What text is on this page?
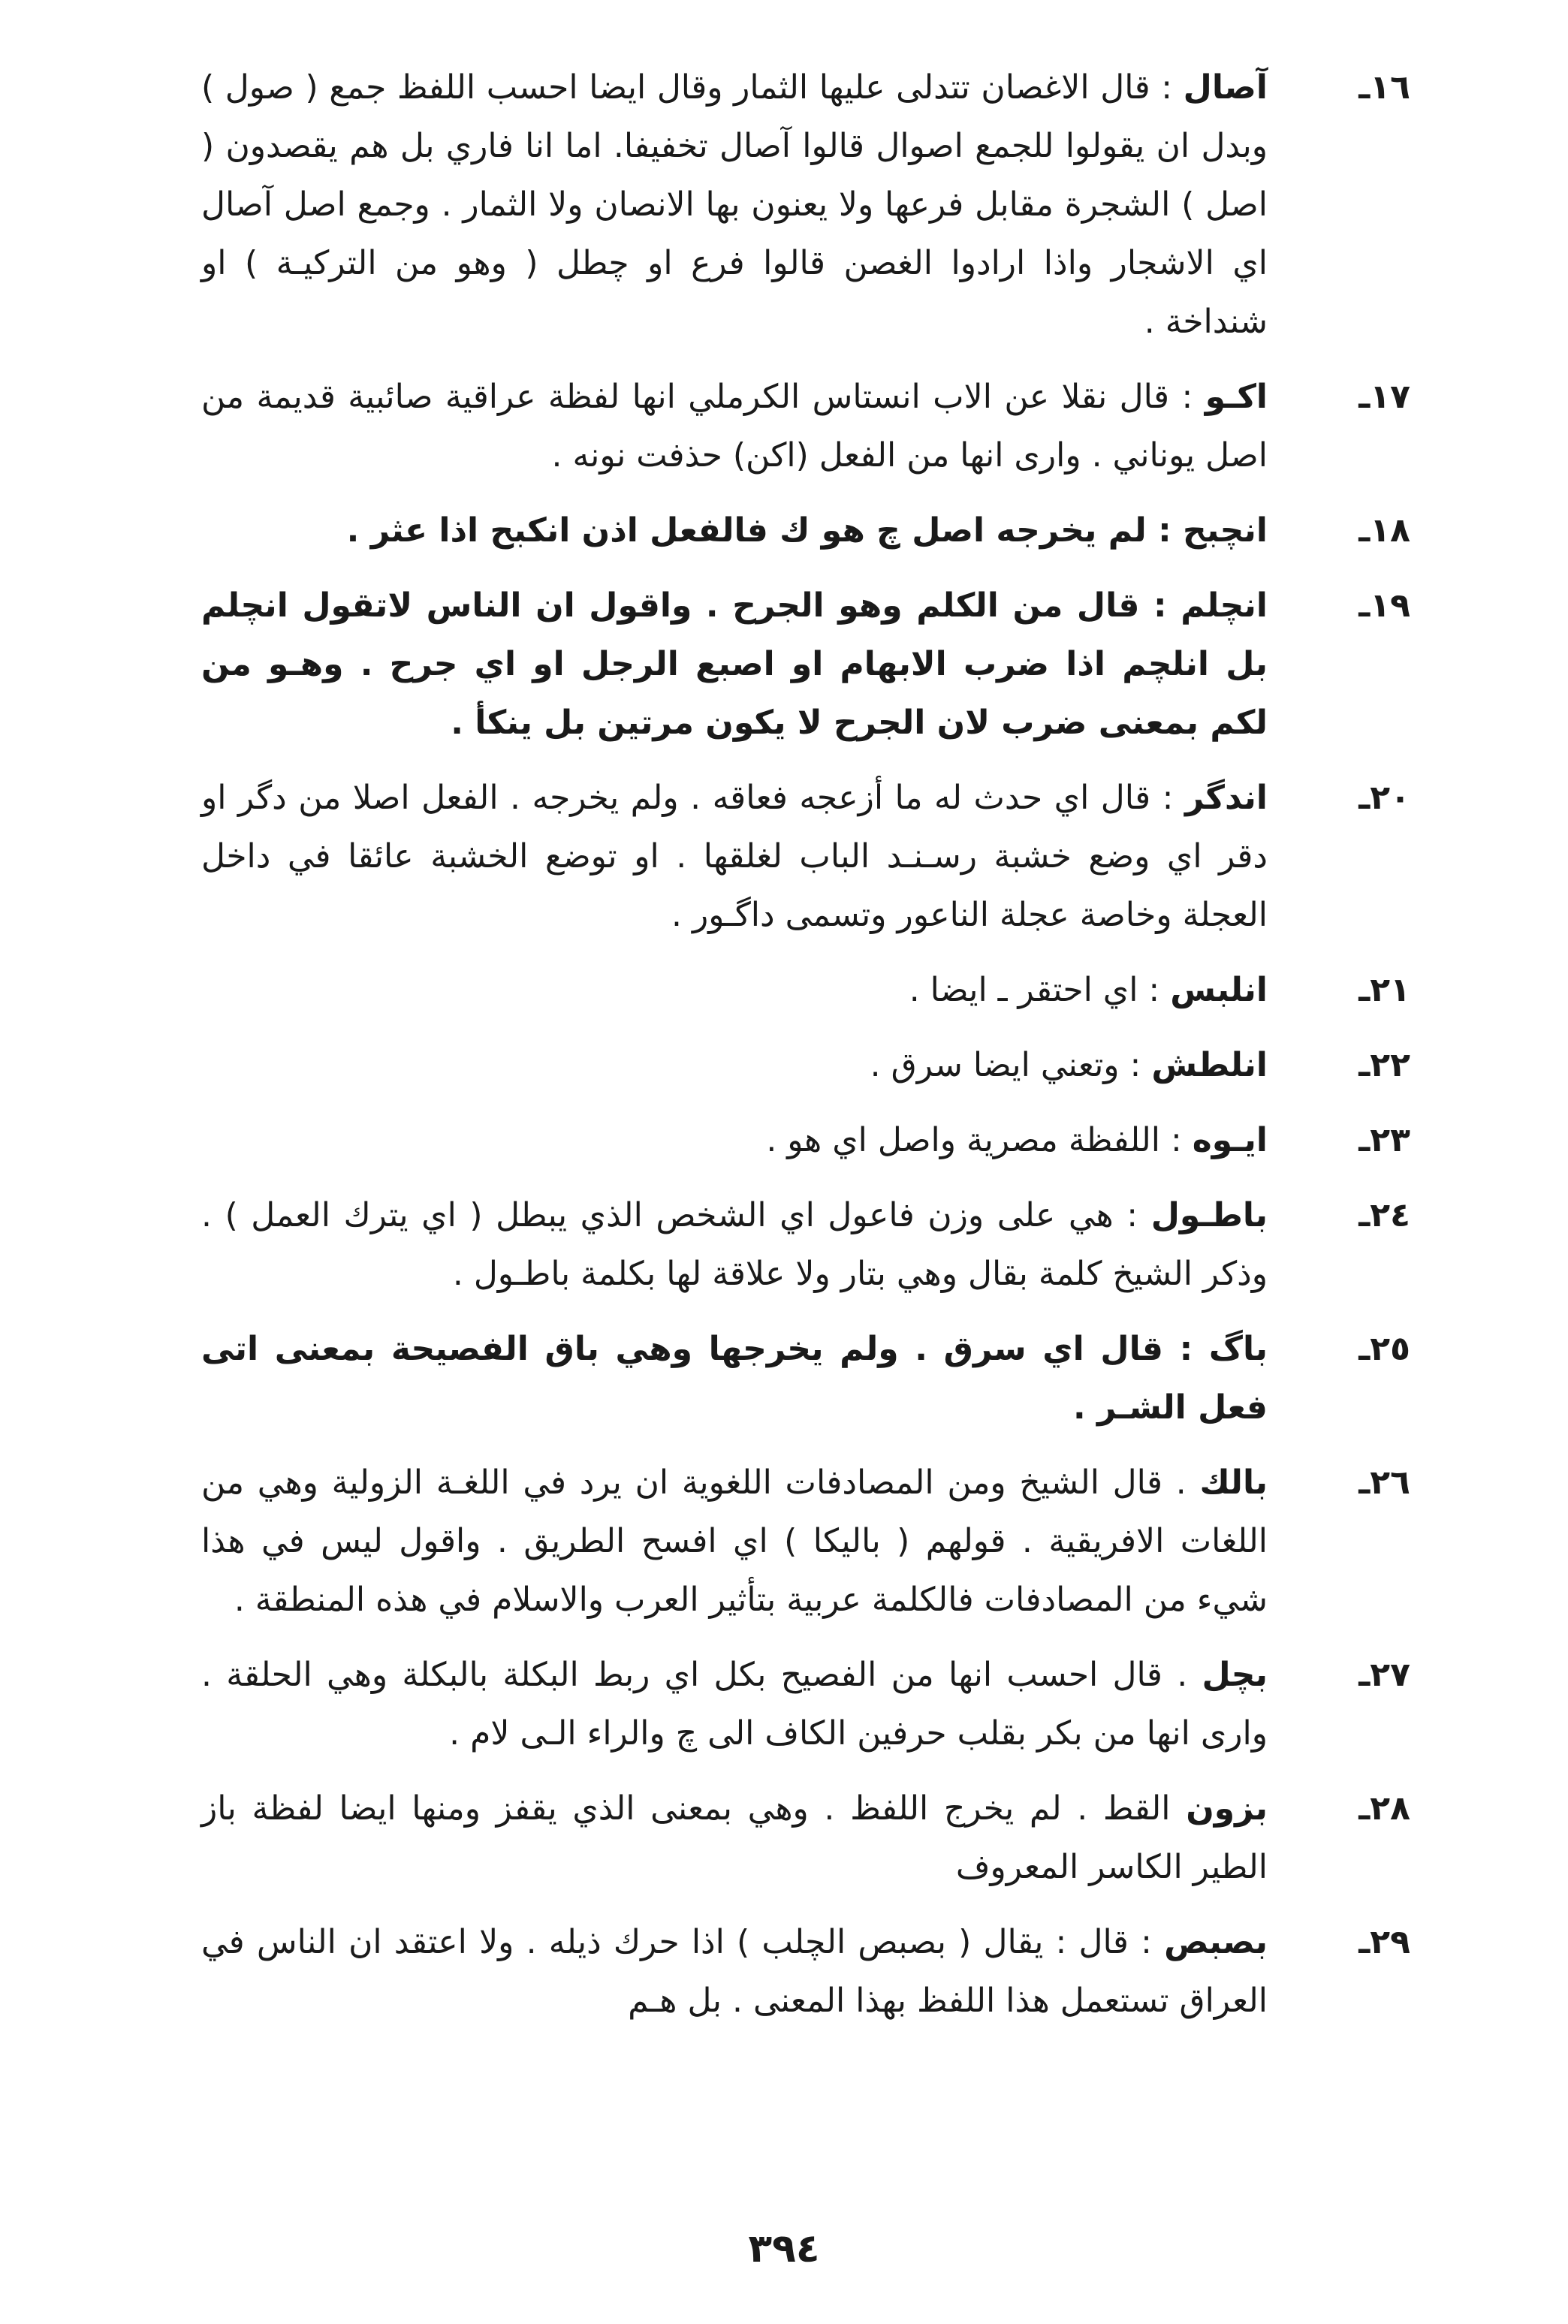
١٦ـ
آصال : قال الاغصان تتدلى عليها الثمار وقال ايضا احسب اللفظ جمع ( صول ) وبدل ان يقولوا للجمع اصوال قالوا آصال تخفيفا. اما انا فاري بل هم يقصدون ( اصل ) الشجرة مقابل فرعها ولا يعنون بها الانصان ولا الثمار . وجمع اصل آصال اي الاشجار واذا ارادوا الغصن قالوا فرع او چطل ( وهو من التركيـة ) او شنداخة .
١٧ـ
اكـو : قال نقلا عن الاب انستاس الكرملي انها لفظة عراقية صائبية قديمة من اصل يوناني . وارى انها من الفعل (اكن) حذفت نونه .
١٨ـ
انچبح : لم يخرجه اصل چ هو ك فالفعل اذن انكبح اذا عثر .
١٩ـ
انچلم : قال من الكلم وهو الجرح . واقول ان الناس لاتقول انچلم بل انلچم اذا ضرب الابهام او اصبع الرجل او اي جرح . وهـو من لكم بمعنى ضرب لان الجرح لا يكون مرتين بل ينكأ .
٢٠ـ
اندگر : قال اي حدث له ما أزعجه فعاقه . ولم يخرجه . الفعل اصلا من دگر او دقر اي وضع خشبة رسـنـد الباب لغلقها . او توضع الخشبة عائقا في داخل العجلة وخاصة عجلة الناعور وتسمى داگـور .
٢١ـ
انلبس : اي احتقر ـ ايضا .
٢٢ـ
انلطش : وتعني ايضا سرق .
٢٣ـ
ايـوه : اللفظة مصرية واصل اي هو .
٢٤ـ
باطـول : هي على وزن فاعول اي الشخص الذي يبطل ( اي يترك العمل ) . وذكر الشيخ كلمة بقال وهي بتار ولا علاقة لها بكلمة باطـول .
٢٥ـ
باگ : قال اي سرق . ولم يخرجها وهي باق الفصيحة بمعنى اتى فعل الشـر .
٢٦ـ
بالك . قال الشيخ ومن المصادفات اللغوية ان يرد في اللغـة الزولية وهي من اللغات الافريقية . قولهم ( باليكا ) اي افسح الطريق . واقول ليس في هذا شيء من المصادفات فالكلمة عربية بتأثير العرب والاسلام في هذه المنطقة .
٢٧ـ
بچل . قال احسب انها من الفصيح بكل اي ربط البكلة بالبكلة وهي الحلقة . وارى انها من بكر بقلب حرفين الكاف الى چ والراء الـى لام .
٢٨ـ
بزون القط . لم يخرج اللفظ . وهي بمعنى الذي يقفز ومنها ايضا لفظة باز الطير الكاسر المعروف
٢٩ـ
بصبص : قال : يقال ( بصبص الچلب ) اذا حرك ذيله . ولا اعتقد ان الناس في العراق تستعمل هذا اللفظ بهذا المعنى . بل هـم
٣٩٤
